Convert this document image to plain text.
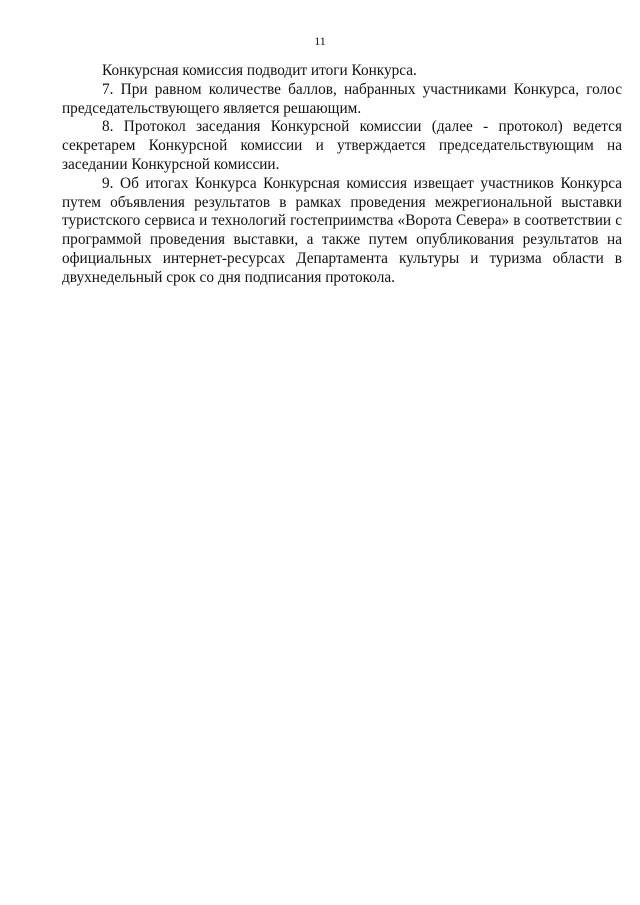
11

Конкурсная комиссия подводит итоги Конкурса.

7. При равном количестве баллов, набранных участниками Конкурса, голос председательствующего является решающим.

8. Протокол заседания Конкурсной комиссии (далее - протокол) ведется секретарем Конкурсной комиссии и утверждается председательствующим на заседании Конкурсной комиссии.

9. Об итогах Конкурса Конкурсная комиссия извещает участников Конкурса путем объявления результатов в рамках проведения межрегиональной выставки туристского сервиса и технологий гостеприимства «Ворота Севера» в соответствии с программой проведения выставки, а также путем опубликования результатов на официальных интернет-ресурсах Департамента культуры и туризма области в двухнедельный срок со дня подписания протокола.
